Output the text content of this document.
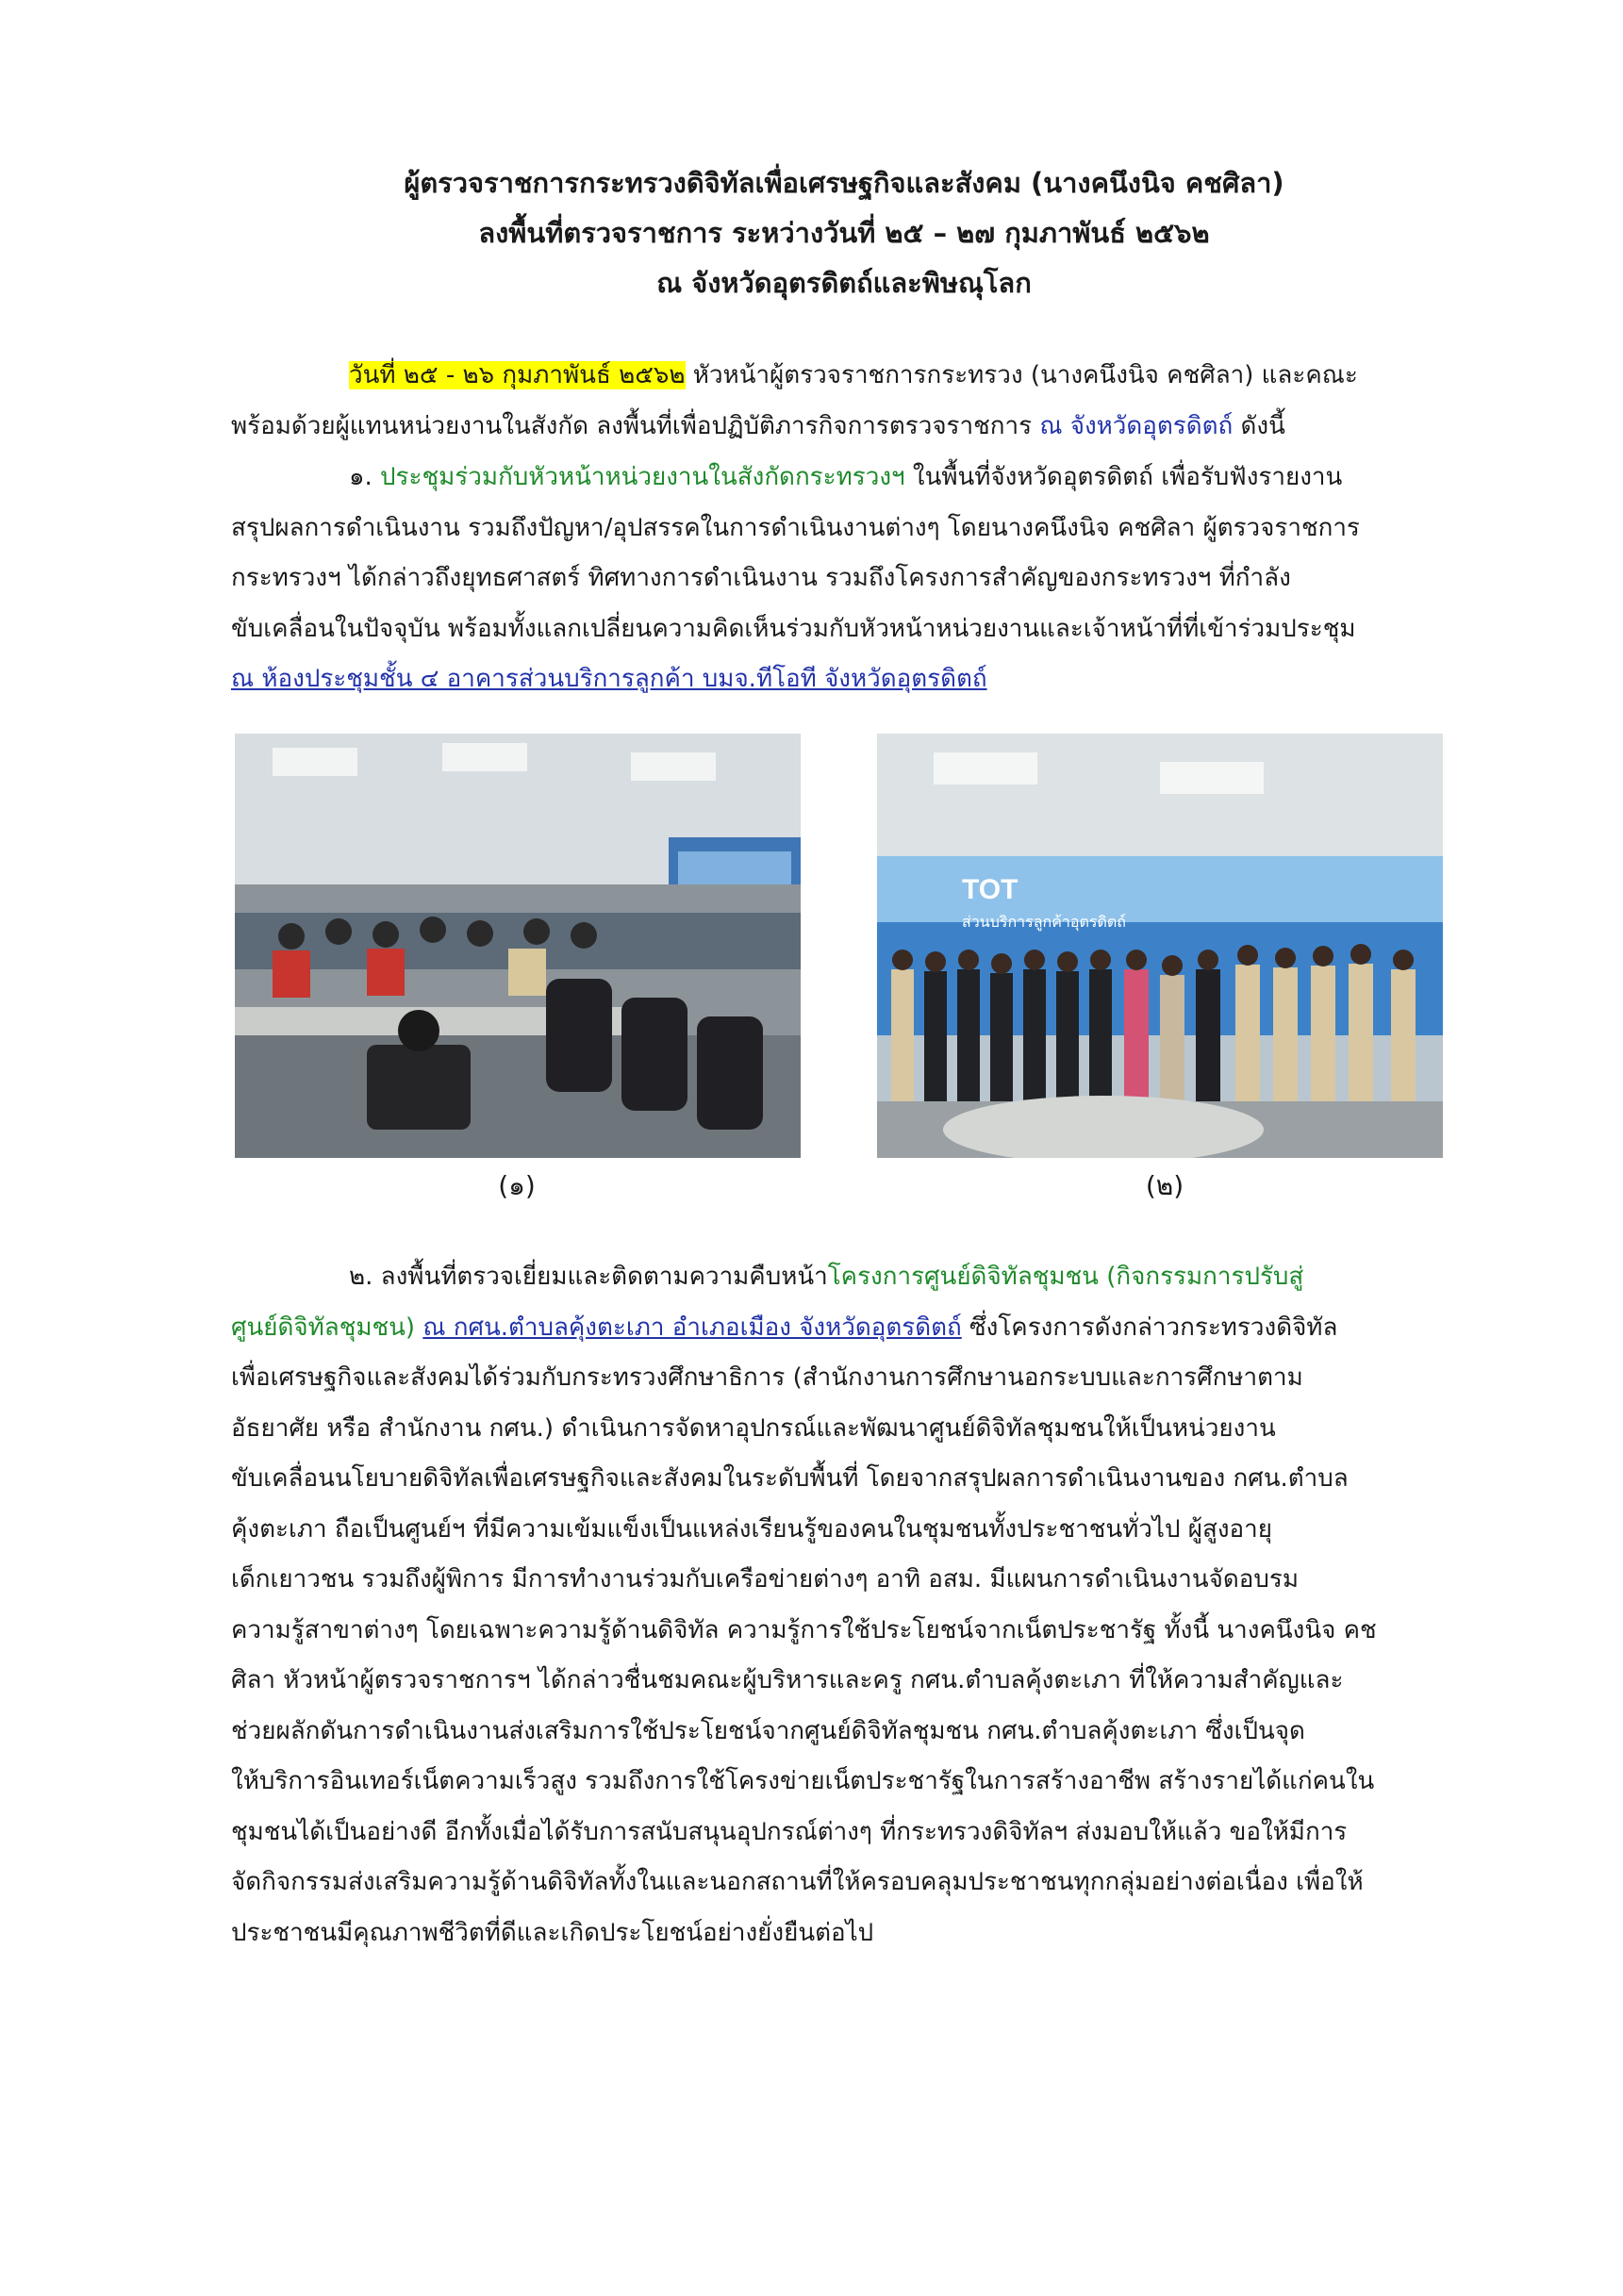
ผู้ตรวจราชการกระทรวงดิจิทัลเพื่อเศรษฐกิจและสังคม (นางคนึงนิจ คชศิลา)
ลงพื้นที่ตรวจราชการ ระหว่างวันที่ ๒๕ – ๒๗ กุมภาพันธ์ ๒๕๖๒
ณ จังหวัดอุตรดิตถ์และพิษณุโลก
วันที่ ๒๕ - ๒๖ กุมภาพันธ์ ๒๕๖๒ หัวหน้าผู้ตรวจราชการกระทรวง (นางคนึงนิจ คชศิลา) และคณะ
พร้อมด้วยผู้แทนหน่วยงานในสังกัด ลงพื้นที่เพื่อปฏิบัติภารกิจการตรวจราชการ ณ จังหวัดอุตรดิตถ์ ดังนี้
๑. ประชุมร่วมกับหัวหน้าหน่วยงานในสังกัดกระทรวงฯ ในพื้นที่จังหวัดอุตรดิตถ์ เพื่อรับฟังรายงาน
สรุปผลการดำเนินงาน รวมถึงปัญหา/อุปสรรคในการดำเนินงานต่างๆ โดยนางคนึงนิจ คชศิลา ผู้ตรวจราชการ
กระทรวงฯ ได้กล่าวถึงยุทธศาสตร์ ทิศทางการดำเนินงาน รวมถึงโครงการสำคัญของกระทรวงฯ ที่กำลัง
ขับเคลื่อนในปัจจุบัน พร้อมทั้งแลกเปลี่ยนความคิดเห็นร่วมกับหัวหน้าหน่วยงานและเจ้าหน้าที่ที่เข้าร่วมประชุม
ณ ห้องประชุมชั้น ๔ อาคารส่วนบริการลูกค้า บมจ.ทีโอที จังหวัดอุตรดิตถ์
TOT
ส่วนบริการลูกค้าอุตรดิตถ์
(๑)	(๒)
๒. ลงพื้นที่ตรวจเยี่ยมและติดตามความคืบหน้าโครงการศูนย์ดิจิทัลชุมชน (กิจกรรมการปรับสู่
ศูนย์ดิจิทัลชุมชน) ณ กศน.ตำบลคุ้งตะเภา อำเภอเมือง จังหวัดอุตรดิตถ์ ซึ่งโครงการดังกล่าวกระทรวงดิจิทัล
เพื่อเศรษฐกิจและสังคมได้ร่วมกับกระทรวงศึกษาธิการ (สำนักงานการศึกษานอกระบบและการศึกษาตาม
อัธยาศัย หรือ สำนักงาน กศน.) ดำเนินการจัดหาอุปกรณ์และพัฒนาศูนย์ดิจิทัลชุมชนให้เป็นหน่วยงาน
ขับเคลื่อนนโยบายดิจิทัลเพื่อเศรษฐกิจและสังคมในระดับพื้นที่ โดยจากสรุปผลการดำเนินงานของ กศน.ตำบล
คุ้งตะเภา ถือเป็นศูนย์ฯ ที่มีความเข้มแข็งเป็นแหล่งเรียนรู้ของคนในชุมชนทั้งประชาชนทั่วไป ผู้สูงอายุ
เด็กเยาวชน รวมถึงผู้พิการ มีการทำงานร่วมกับเครือข่ายต่างๆ อาทิ อสม. มีแผนการดำเนินงานจัดอบรม
ความรู้สาขาต่างๆ โดยเฉพาะความรู้ด้านดิจิทัล ความรู้การใช้ประโยชน์จากเน็ตประชารัฐ ทั้งนี้ นางคนึงนิจ คช
ศิลา หัวหน้าผู้ตรวจราชการฯ ได้กล่าวชื่นชมคณะผู้บริหารและครู กศน.ตำบลคุ้งตะเภา ที่ให้ความสำคัญและ
ช่วยผลักดันการดำเนินงานส่งเสริมการใช้ประโยชน์จากศูนย์ดิจิทัลชุมชน กศน.ตำบลคุ้งตะเภา ซึ่งเป็นจุด
ให้บริการอินเทอร์เน็ตความเร็วสูง รวมถึงการใช้โครงข่ายเน็ตประชารัฐในการสร้างอาชีพ สร้างรายได้แก่คนใน
ชุมชนได้เป็นอย่างดี อีกทั้งเมื่อได้รับการสนับสนุนอุปกรณ์ต่างๆ ที่กระทรวงดิจิทัลฯ ส่งมอบให้แล้ว ขอให้มีการ
จัดกิจกรรมส่งเสริมความรู้ด้านดิจิทัลทั้งในและนอกสถานที่ให้ครอบคลุมประชาชนทุกกลุ่มอย่างต่อเนื่อง เพื่อให้
ประชาชนมีคุณภาพชีวิตที่ดีและเกิดประโยชน์อย่างยั่งยืนต่อไป
